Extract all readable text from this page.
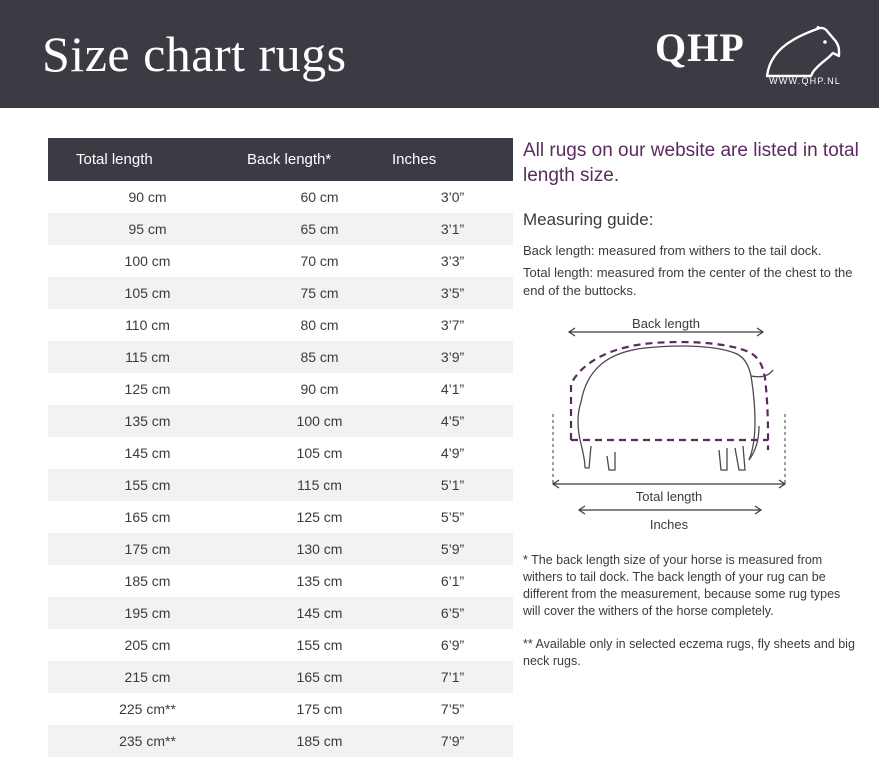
Size chart rugs	QHP
WWW.QHP.NL
Total length	Back length*	Inches
90 cm	60 cm	3’0”
95 cm	65 cm	3’1”
100 cm	70 cm	3’3”
105 cm	75 cm	3’5”
110 cm	80 cm	3’7”
115 cm	85 cm	3’9”
125 cm	90 cm	4’1”
135 cm	100 cm	4’5”
145 cm	105 cm	4’9”
155 cm	115 cm	5’1”
165 cm	125 cm	5’5”
175 cm	130 cm	5’9”
185 cm	135 cm	6’1”
195 cm	145 cm	6’5”
205 cm	155 cm	6’9”
215 cm	165 cm	7’1”
225 cm**	175 cm	7’5”
235 cm**	185 cm	7’9”

All rugs on our website are listed in total length size.

Measuring guide:

Back length: measured from withers to the tail dock.

Total length: measured from the center of the chest to the end of the buttocks.

Back length
Total length
Inches

* The back length size of your horse is measured from withers to tail dock. The back length of your rug can be different from the measurement, because some rug types will cover the withers of the horse completely.

** Available only in selected eczema rugs, fly sheets and big neck rugs.
